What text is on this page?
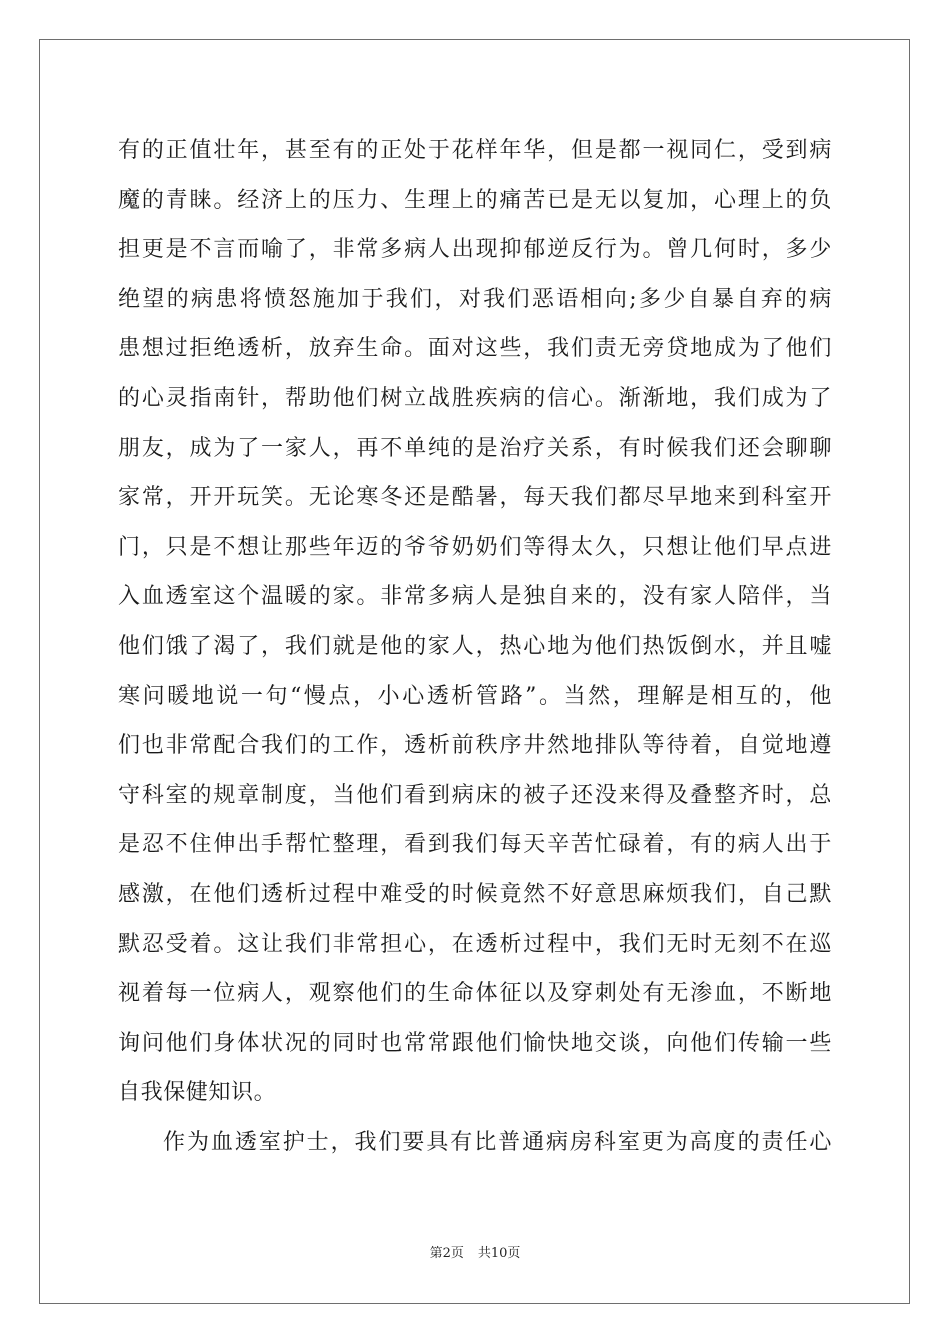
有的正值壮年，甚至有的正处于花样年华，但是都一视同仁，受到病
魔的青睐。经济上的压力、生理上的痛苦已是无以复加，心理上的负
担更是不言而喻了，非常多病人出现抑郁逆反行为。曾几何时，多少
绝望的病患将愤怒施加于我们，对我们恶语相向;多少自暴自弃的病
患想过拒绝透析，放弃生命。面对这些，我们责无旁贷地成为了他们
的心灵指南针，帮助他们树立战胜疾病的信心。渐渐地，我们成为了
朋友，成为了一家人，再不单纯的是治疗关系，有时候我们还会聊聊
家常，开开玩笑。无论寒冬还是酷暑，每天我们都尽早地来到科室开
门，只是不想让那些年迈的爷爷奶奶们等得太久，只想让他们早点进
入血透室这个温暖的家。非常多病人是独自来的，没有家人陪伴，当
他们饿了渴了，我们就是他的家人，热心地为他们热饭倒水，并且嘘
寒问暖地说一句“慢点，小心透析管路”。当然，理解是相互的，他
们也非常配合我们的工作，透析前秩序井然地排队等待着，自觉地遵
守科室的规章制度，当他们看到病床的被子还没来得及叠整齐时，总
是忍不住伸出手帮忙整理，看到我们每天辛苦忙碌着，有的病人出于
感激，在他们透析过程中难受的时候竟然不好意思麻烦我们，自己默
默忍受着。这让我们非常担心，在透析过程中，我们无时无刻不在巡
视着每一位病人，观察他们的生命体征以及穿刺处有无渗血，不断地
询问他们身体状况的同时也常常跟他们愉快地交谈，向他们传输一些
自我保健知识。
作为血透室护士，我们要具有比普通病房科室更为高度的责任心
第2页 共10页
